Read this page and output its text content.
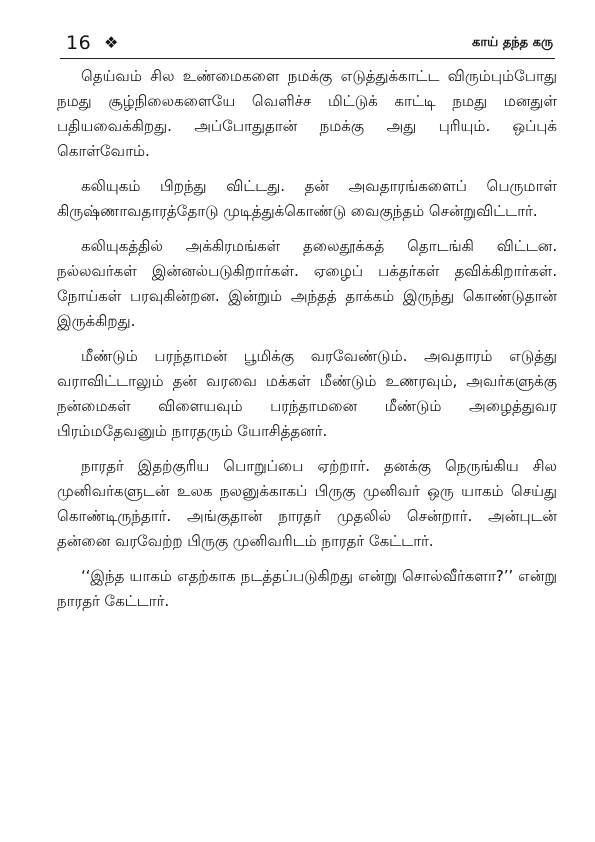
16 ❖	காய் தந்த கரு

தெய்வம் சில உண்மைகளை நமக்கு எடுத்துக்காட்ட விரும்பும்போது நமது சூழ்நிலைகளையே வெளிச்ச மிட்டுக் காட்டி நமது மனதுள் பதியவைக்கிறது. அப்போதுதான் நமக்கு அது புரியும். ஒப்புக் கொள்வோம்.

கலியுகம் பிறந்து விட்டது. தன் அவதாரங்களைப் பெருமாள் கிருஷ்ணாவதாரத்தோடு முடித்துக்கொண்டு வைகுந்தம் சென்றுவிட்டார்.

கலியுகத்தில் அக்கிரமங்கள் தலைதூக்கத் தொடங்கி விட்டன. நல்லவர்கள் இன்னல்படுகிறார்கள். ஏழைப் பக்தர்கள் தவிக்கிறார்கள். நோய்கள் பரவுகின்றன. இன்றும் அந்தத் தாக்கம் இருந்து கொண்டுதான் இருக்கிறது.

மீண்டும் பரந்தாமன் பூமிக்கு வரவேண்டும். அவதாரம் எடுத்து வராவிட்டாலும் தன் வரவை மக்கள் மீண்டும் உணரவும், அவர்களுக்கு நன்மைகள் விளையவும் பரந்தாமனை மீண்டும் அழைத்துவர பிரம்மதேவனும் நாரதரும் யோசித்தனர்.

நாரதர் இதற்குரிய பொறுப்பை ஏற்றார். தனக்கு நெருங்கிய சில முனிவர்களுடன் உலக நலனுக்காகப் பிருகு முனிவர் ஒரு யாகம் செய்து கொண்டிருந்தார். அங்குதான் நாரதர் முதலில் சென்றார். அன்புடன் தன்னை வரவேற்ற பிருகு முனிவரிடம் நாரதர் கேட்டார்.

‘‘இந்த யாகம் எதற்காக நடத்தப்படுகிறது என்று சொல்வீர்களா?’’ என்று நாரதர் கேட்டார்.
